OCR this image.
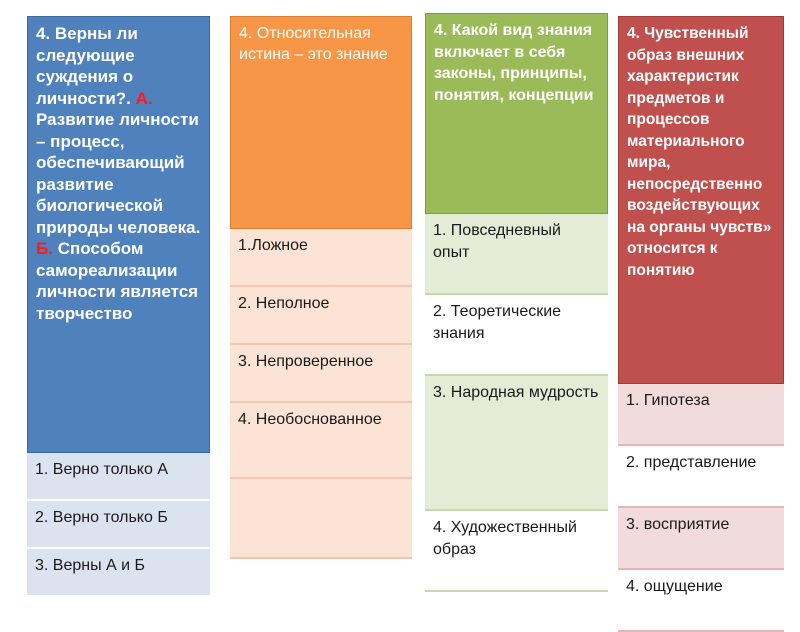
4. Верны ли следующие суждения о личности?. А. Развитие личности – процесс, обеспечивающий развитие биологической природы человека. Б. Способом самореализации личности является творчество
1. Верно только А
2. Верно только Б
3. Верны А и Б
4. Относительная истина – это знание
1.Ложное
2. Неполное
3. Непроверенное
4. Необоснованное
4. Какой вид знания включает в себя законы, принципы, понятия, концепции
1. Повседневный опыт
2. Теоретические знания
3. Народная мудрость
4. Художественный образ
4. Чувственный образ внешних характеристик предметов и процессов материального мира, непосредственно воздействующих на органы чувств» относится к понятию
1. Гипотеза
2. представление
3. восприятие
4. ощущение
